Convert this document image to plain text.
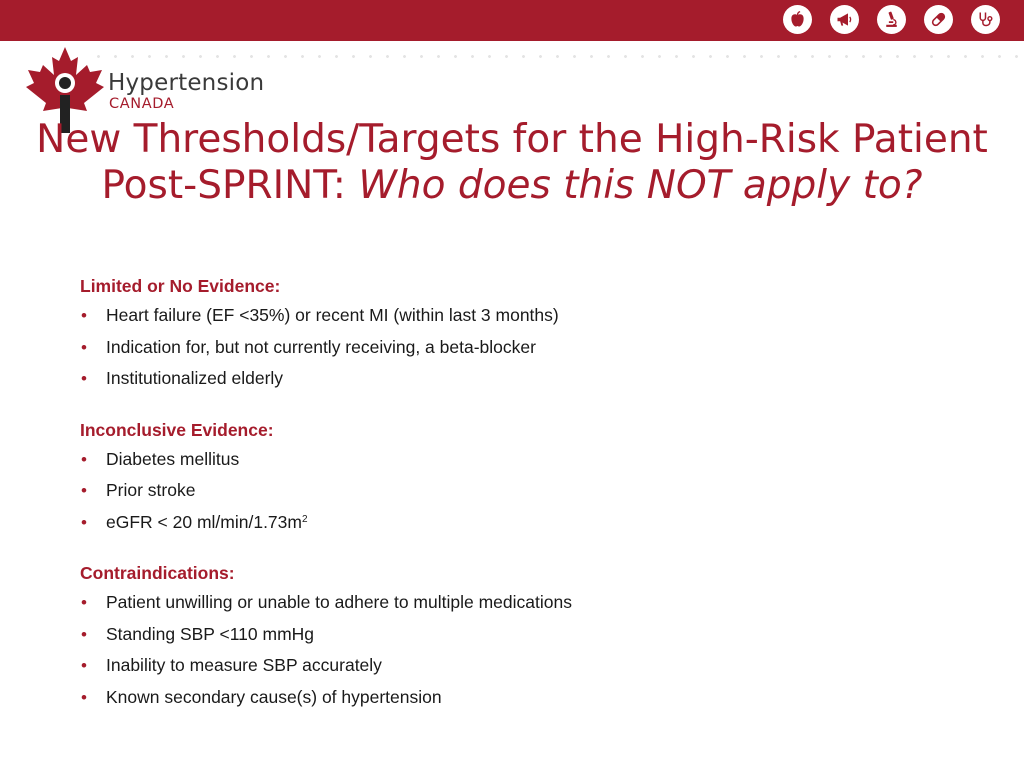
Hypertension
CANADA
New Thresholds/Targets for the High-Risk Patient
Post-SPRINT: Who does this NOT apply to?
Limited or No Evidence:
• Heart failure (EF <35%) or recent MI (within last 3 months)
• Indication for, but not currently receiving, a beta-blocker
• Institutionalized elderly
Inconclusive Evidence:
• Diabetes mellitus
• Prior stroke
• eGFR < 20 $ml/\min/1.73m^2$
Contraindications:
• Patient unwilling or unable to adhere to multiple medications
• Standing SBP <110 mmHg
• Inability to measure SBP accurately
• Known secondary cause(s) of hypertension
